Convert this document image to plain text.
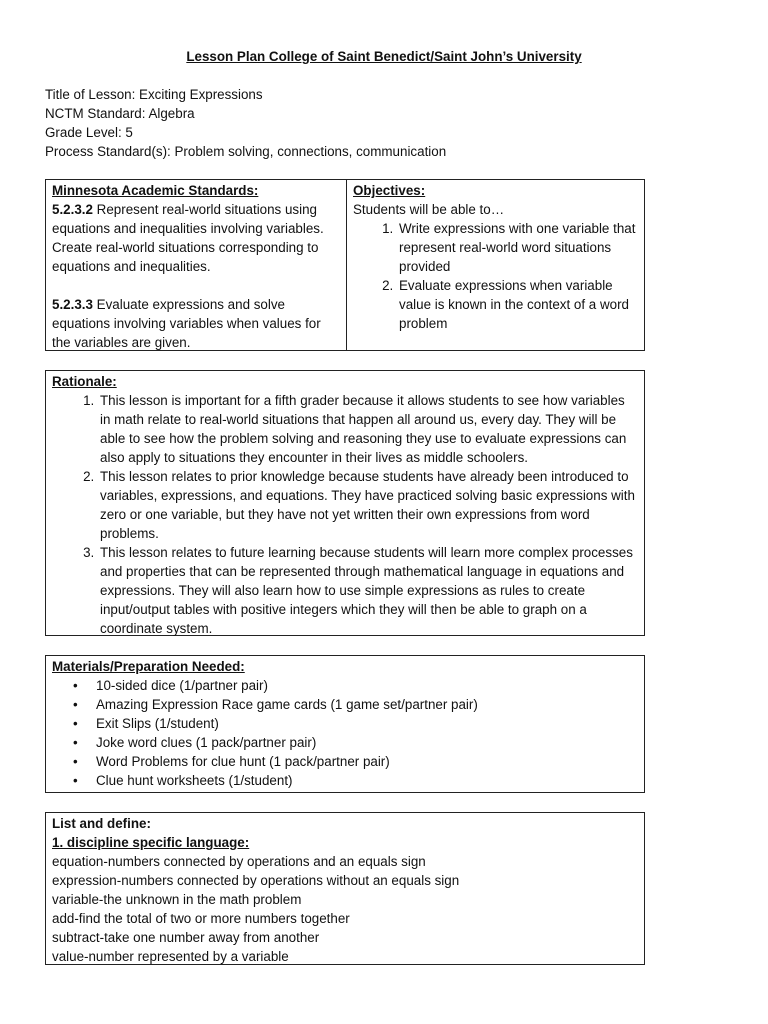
Lesson Plan College of Saint Benedict/Saint John’s University
Title of Lesson: Exciting Expressions
NCTM Standard: Algebra
Grade Level: 5
Process Standard(s): Problem solving, connections, communication
Minnesota Academic Standards:
5.2.3.2 Represent real-world situations using equations and inequalities involving variables. Create real-world situations corresponding to equations and inequalities.
5.2.3.3 Evaluate expressions and solve equations involving variables when values for the variables are given.
Objectives:
Students will be able to…
1. Write expressions with one variable that represent real-world word situations provided
2. Evaluate expressions when variable value is known in the context of a word problem
Rationale:
1. This lesson is important for a fifth grader because it allows students to see how variables in math relate to real-world situations that happen all around us, every day. They will be able to see how the problem solving and reasoning they use to evaluate expressions can also apply to situations they encounter in their lives as middle schoolers.
2. This lesson relates to prior knowledge because students have already been introduced to variables, expressions, and equations. They have practiced solving basic expressions with zero or one variable, but they have not yet written their own expressions from word problems.
3. This lesson relates to future learning because students will learn more complex processes and properties that can be represented through mathematical language in equations and expressions. They will also learn how to use simple expressions as rules to create input/output tables with positive integers which they will then be able to graph on a coordinate system.
Materials/Preparation Needed:
• 10-sided dice (1/partner pair)
• Amazing Expression Race game cards (1 game set/partner pair)
• Exit Slips (1/student)
• Joke word clues (1 pack/partner pair)
• Word Problems for clue hunt (1 pack/partner pair)
• Clue hunt worksheets (1/student)
List and define:
1. discipline specific language:
equation-numbers connected by operations and an equals sign
expression-numbers connected by operations without an equals sign
variable-the unknown in the math problem
add-find the total of two or more numbers together
subtract-take one number away from another
value-number represented by a variable
